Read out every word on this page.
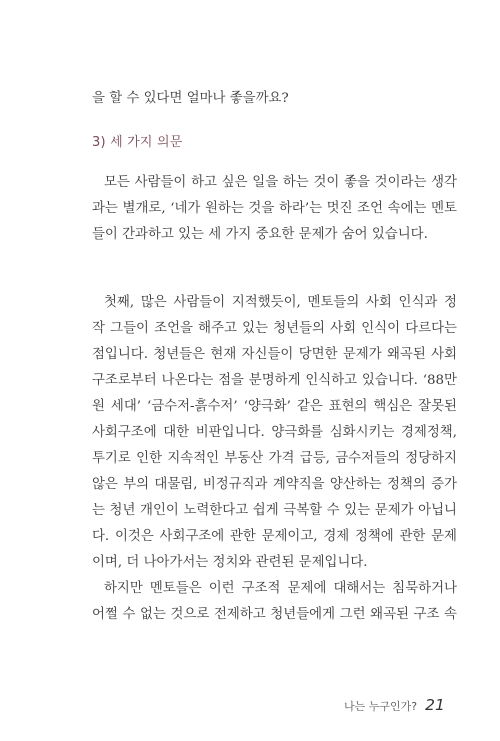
을 할 수 있다면 얼마나 좋을까요?
3) 세 가지 의문
모든 사람들이 하고 싶은 일을 하는 것이 좋을 것이라는 생각
과는 별개로, ‘네가 원하는 것을 하라’는 멋진 조언 속에는 멘토
들이 간과하고 있는 세 가지 중요한 문제가 숨어 있습니다.
첫째, 많은 사람들이 지적했듯이, 멘토들의 사회 인식과 정
작 그들이 조언을 해주고 있는 청년들의 사회 인식이 다르다는
점입니다. 청년들은 현재 자신들이 당면한 문제가 왜곡된 사회
구조로부터 나온다는 점을 분명하게 인식하고 있습니다. ‘88만
원 세대’ ‘금수저-흙수저’ ‘양극화’ 같은 표현의 핵심은 잘못된
사회구조에 대한 비판입니다. 양극화를 심화시키는 경제정책,
투기로 인한 지속적인 부동산 가격 급등, 금수저들의 정당하지
않은 부의 대물림, 비정규직과 계약직을 양산하는 정책의 증가
는 청년 개인이 노력한다고 쉽게 극복할 수 있는 문제가 아닙니
다. 이것은 사회구조에 관한 문제이고, 경제 정책에 관한 문제
이며, 더 나아가서는 정치와 관련된 문제입니다.
하지만 멘토들은 이런 구조적 문제에 대해서는 침묵하거나
어쩔 수 없는 것으로 전제하고 청년들에게 그런 왜곡된 구조 속
나는 누구인가? 21
